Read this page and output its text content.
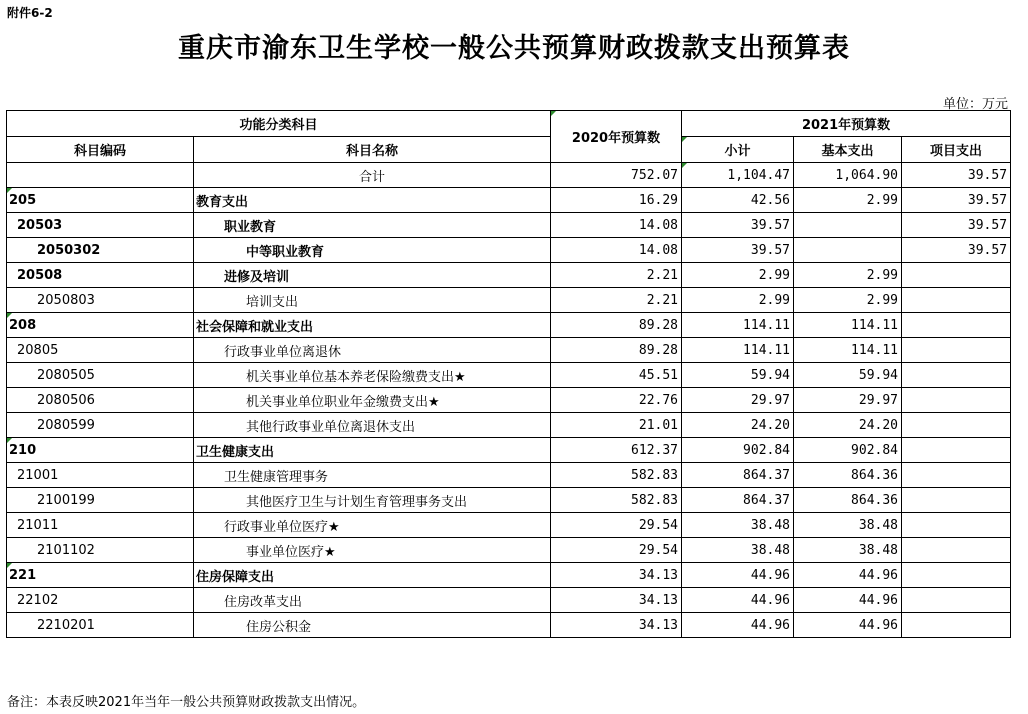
附件6-2
重庆市渝东卫生学校一般公共预算财政拨款支出预算表
单位：万元
功能分类科目		2020年预算数	2021年预算数		
科目编码	科目名称		小计	基本支出	项目支出
	合计	752.07	1,104.47	1,064.90	39.57
205	教育支出	16.29	42.56	2.99	39.57
20503	职业教育	14.08	39.57		39.57
2050302	中等职业教育	14.08	39.57		39.57
20508	进修及培训	2.21	2.99	2.99	
2050803	培训支出	2.21	2.99	2.99	
208	社会保障和就业支出	89.28	114.11	114.11	
20805	行政事业单位离退休	89.28	114.11	114.11	
2080505	机关事业单位基本养老保险缴费支出★	45.51	59.94	59.94	
2080506	机关事业单位职业年金缴费支出★	22.76	29.97	29.97	
2080599	其他行政事业单位离退休支出	21.01	24.20	24.20	
210	卫生健康支出	612.37	902.84	902.84	
21001	卫生健康管理事务	582.83	864.37	864.36	
2100199	其他医疗卫生与计划生育管理事务支出	582.83	864.37	864.36	
21011	行政事业单位医疗★	29.54	38.48	38.48	
2101102	事业单位医疗★	29.54	38.48	38.48	
221	住房保障支出	34.13	44.96	44.96	
22102	住房改革支出	34.13	44.96	44.96	
2210201	住房公积金	34.13	44.96	44.96	
备注：本表反映2021年当年一般公共预算财政拨款支出情况。
